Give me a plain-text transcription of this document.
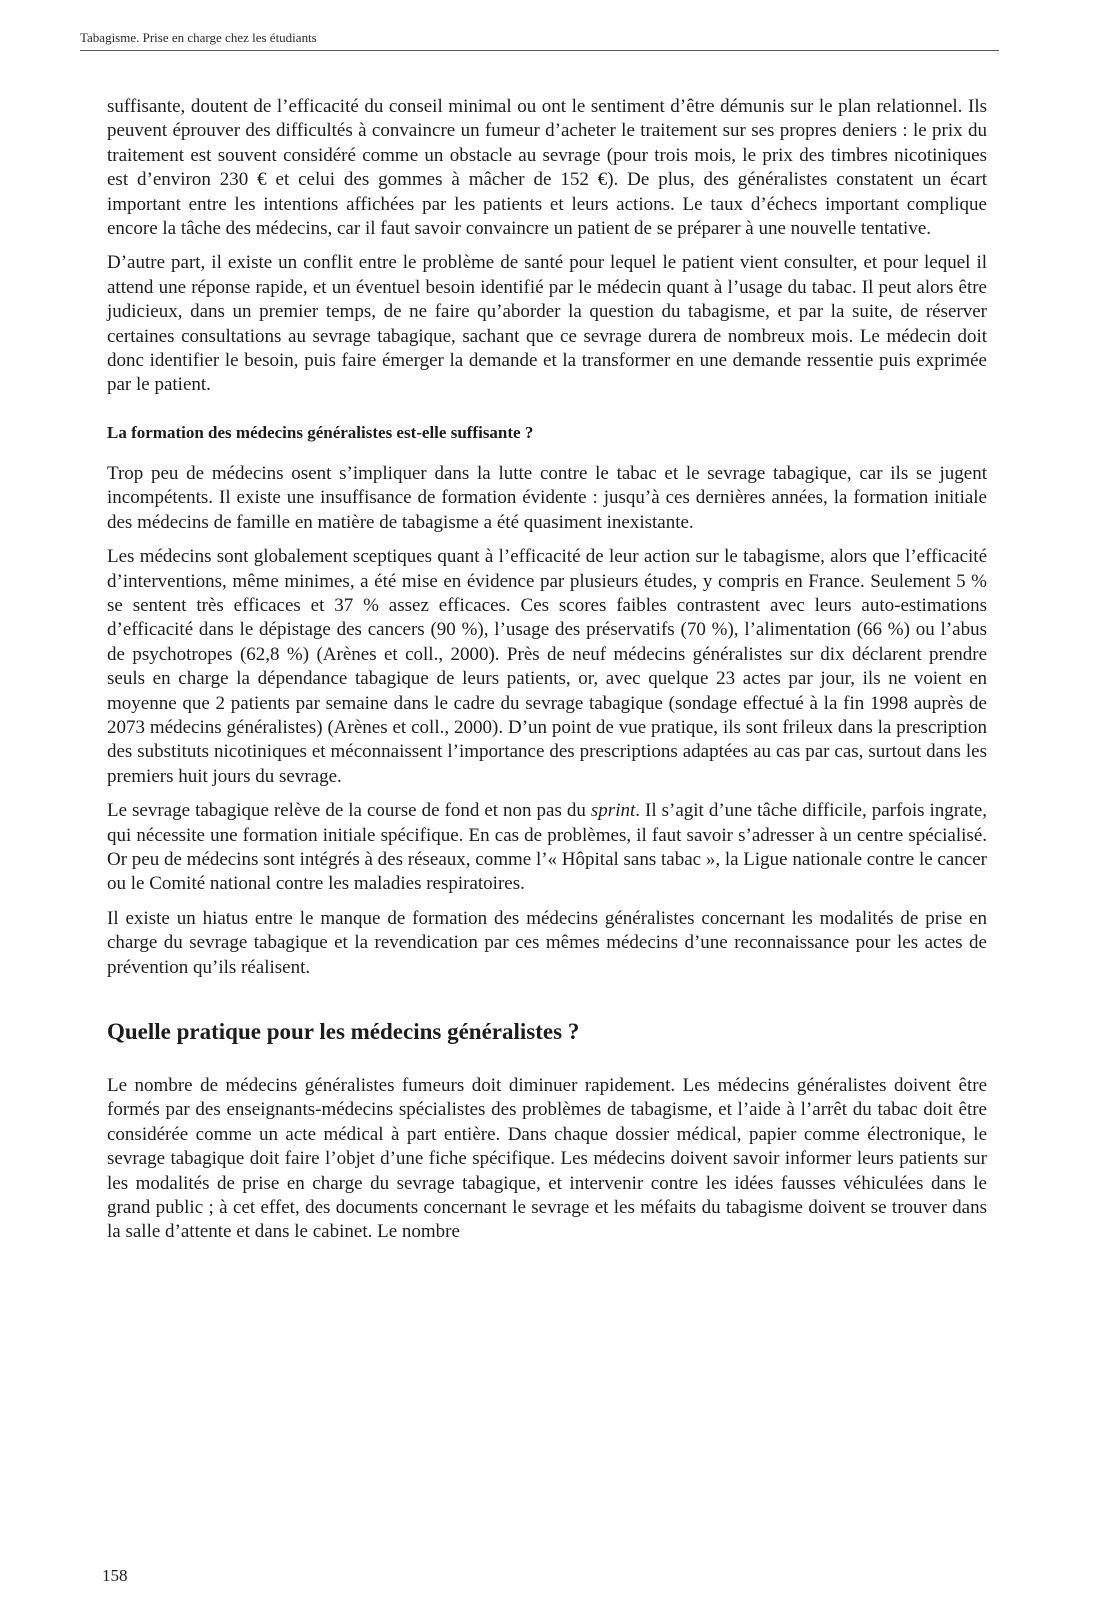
Tabagisme. Prise en charge chez les étudiants

suffisante, doutent de l’efficacité du conseil minimal ou ont le sentiment d’être démunis sur le plan relationnel. Ils peuvent éprouver des difficultés à convaincre un fumeur d’acheter le traitement sur ses propres deniers : le prix du traitement est souvent considéré comme un obstacle au sevrage (pour trois mois, le prix des timbres nicotiniques est d’environ 230 € et celui des gommes à mâcher de 152 €). De plus, des généralistes constatent un écart important entre les intentions affichées par les patients et leurs actions. Le taux d’échecs important complique encore la tâche des médecins, car il faut savoir convaincre un patient de se préparer à une nouvelle tentative.

D’autre part, il existe un conflit entre le problème de santé pour lequel le patient vient consulter, et pour lequel il attend une réponse rapide, et un éventuel besoin identifié par le médecin quant à l’usage du tabac. Il peut alors être judicieux, dans un premier temps, de ne faire qu’aborder la question du tabagisme, et par la suite, de réserver certaines consultations au sevrage tabagique, sachant que ce sevrage durera de nombreux mois. Le médecin doit donc identifier le besoin, puis faire émerger la demande et la transformer en une demande ressentie puis exprimée par le patient.

La formation des médecins généralistes est-elle suffisante ?

Trop peu de médecins osent s’impliquer dans la lutte contre le tabac et le sevrage tabagique, car ils se jugent incompétents. Il existe une insuffisance de formation évidente : jusqu’à ces dernières années, la formation initiale des médecins de famille en matière de tabagisme a été quasiment inexistante.

Les médecins sont globalement sceptiques quant à l’efficacité de leur action sur le tabagisme, alors que l’efficacité d’interventions, même minimes, a été mise en évidence par plusieurs études, y compris en France. Seulement 5 % se sentent très efficaces et 37 % assez efficaces. Ces scores faibles contrastent avec leurs auto-estimations d’efficacité dans le dépistage des cancers (90 %), l’usage des préservatifs (70 %), l’alimentation (66 %) ou l’abus de psychotropes (62,8 %) (Arènes et coll., 2000). Près de neuf médecins généralistes sur dix déclarent prendre seuls en charge la dépendance tabagique de leurs patients, or, avec quelque 23 actes par jour, ils ne voient en moyenne que 2 patients par semaine dans le cadre du sevrage tabagique (sondage effectué à la fin 1998 auprès de 2073 médecins généralistes) (Arènes et coll., 2000). D’un point de vue pratique, ils sont frileux dans la prescription des substituts nicotiniques et méconnaissent l’importance des prescriptions adaptées au cas par cas, surtout dans les premiers huit jours du sevrage.

Le sevrage tabagique relève de la course de fond et non pas du sprint. Il s’agit d’une tâche difficile, parfois ingrate, qui nécessite une formation initiale spécifique. En cas de problèmes, il faut savoir s’adresser à un centre spécialisé. Or peu de médecins sont intégrés à des réseaux, comme l’« Hôpital sans tabac », la Ligue nationale contre le cancer ou le Comité national contre les maladies respiratoires.

Il existe un hiatus entre le manque de formation des médecins généralistes concernant les modalités de prise en charge du sevrage tabagique et la revendication par ces mêmes médecins d’une reconnaissance pour les actes de prévention qu’ils réalisent.

Quelle pratique pour les médecins généralistes ?

Le nombre de médecins généralistes fumeurs doit diminuer rapidement. Les médecins généralistes doivent être formés par des enseignants-médecins spécialistes des problèmes de tabagisme, et l’aide à l’arrêt du tabac doit être considérée comme un acte médical à part entière. Dans chaque dossier médical, papier comme électronique, le sevrage tabagique doit faire l’objet d’une fiche spécifique. Les médecins doivent savoir informer leurs patients sur les modalités de prise en charge du sevrage tabagique, et intervenir contre les idées fausses véhiculées dans le grand public ; à cet effet, des documents concernant le sevrage et les méfaits du tabagisme doivent se trouver dans la salle d’attente et dans le cabinet. Le nombre

158
